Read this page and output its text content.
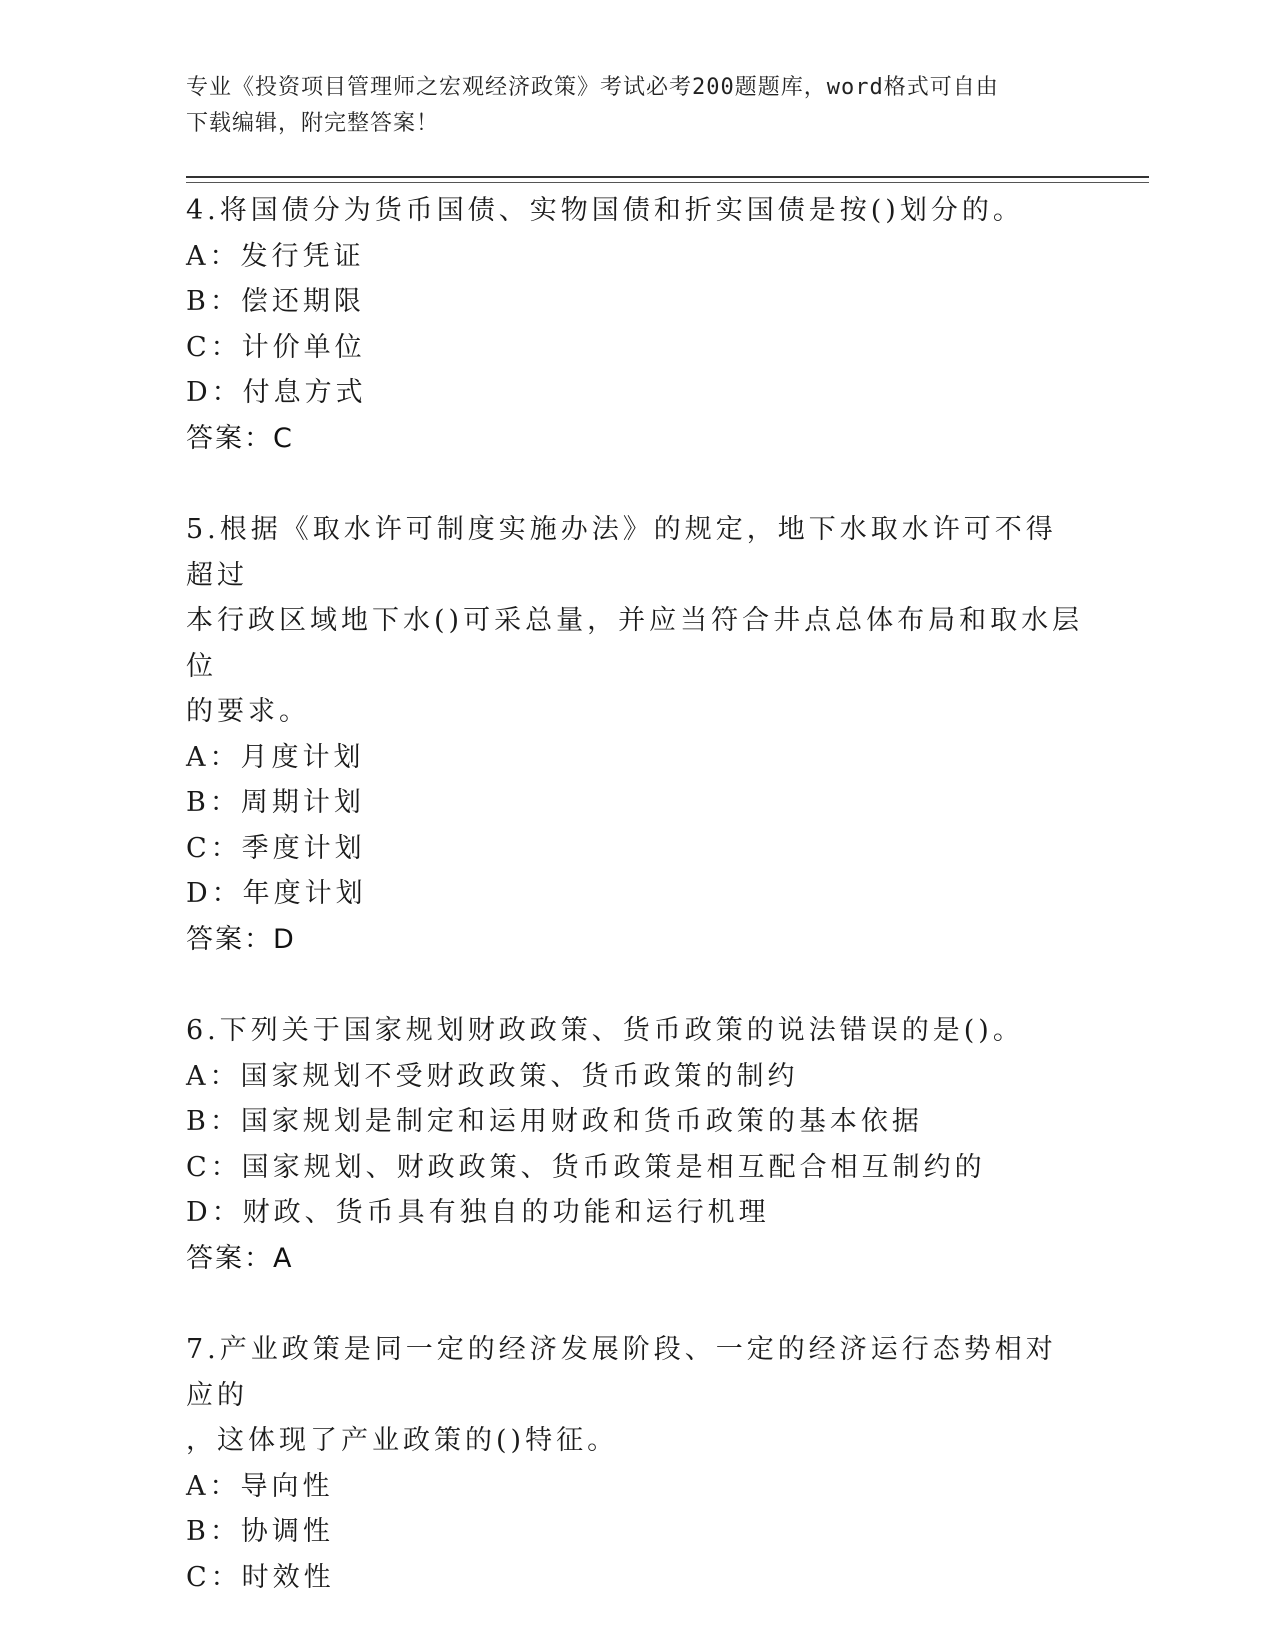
专业《投资项目管理师之宏观经济政策》考试必考200题题库，word格式可自由
下载编辑，附完整答案！

4.将国债分为货币国债、实物国债和折实国债是按()划分的。

A：发行凭证

B：偿还期限

C：计价单位

D：付息方式

答案：C

5.根据《取水许可制度实施办法》的规定，地下水取水许可不得超过

本行政区域地下水()可采总量，并应当符合井点总体布局和取水层位

的要求。

A：月度计划

B：周期计划

C：季度计划

D：年度计划

答案：D

6.下列关于国家规划财政政策、货币政策的说法错误的是()。

A：国家规划不受财政政策、货币政策的制约

B：国家规划是制定和运用财政和货币政策的基本依据

C：国家规划、财政政策、货币政策是相互配合相互制约的

D：财政、货币具有独自的功能和运行机理

答案：A

7.产业政策是同一定的经济发展阶段、一定的经济运行态势相对应的

，这体现了产业政策的()特征。

A：导向性

B：协调性

C：时效性
